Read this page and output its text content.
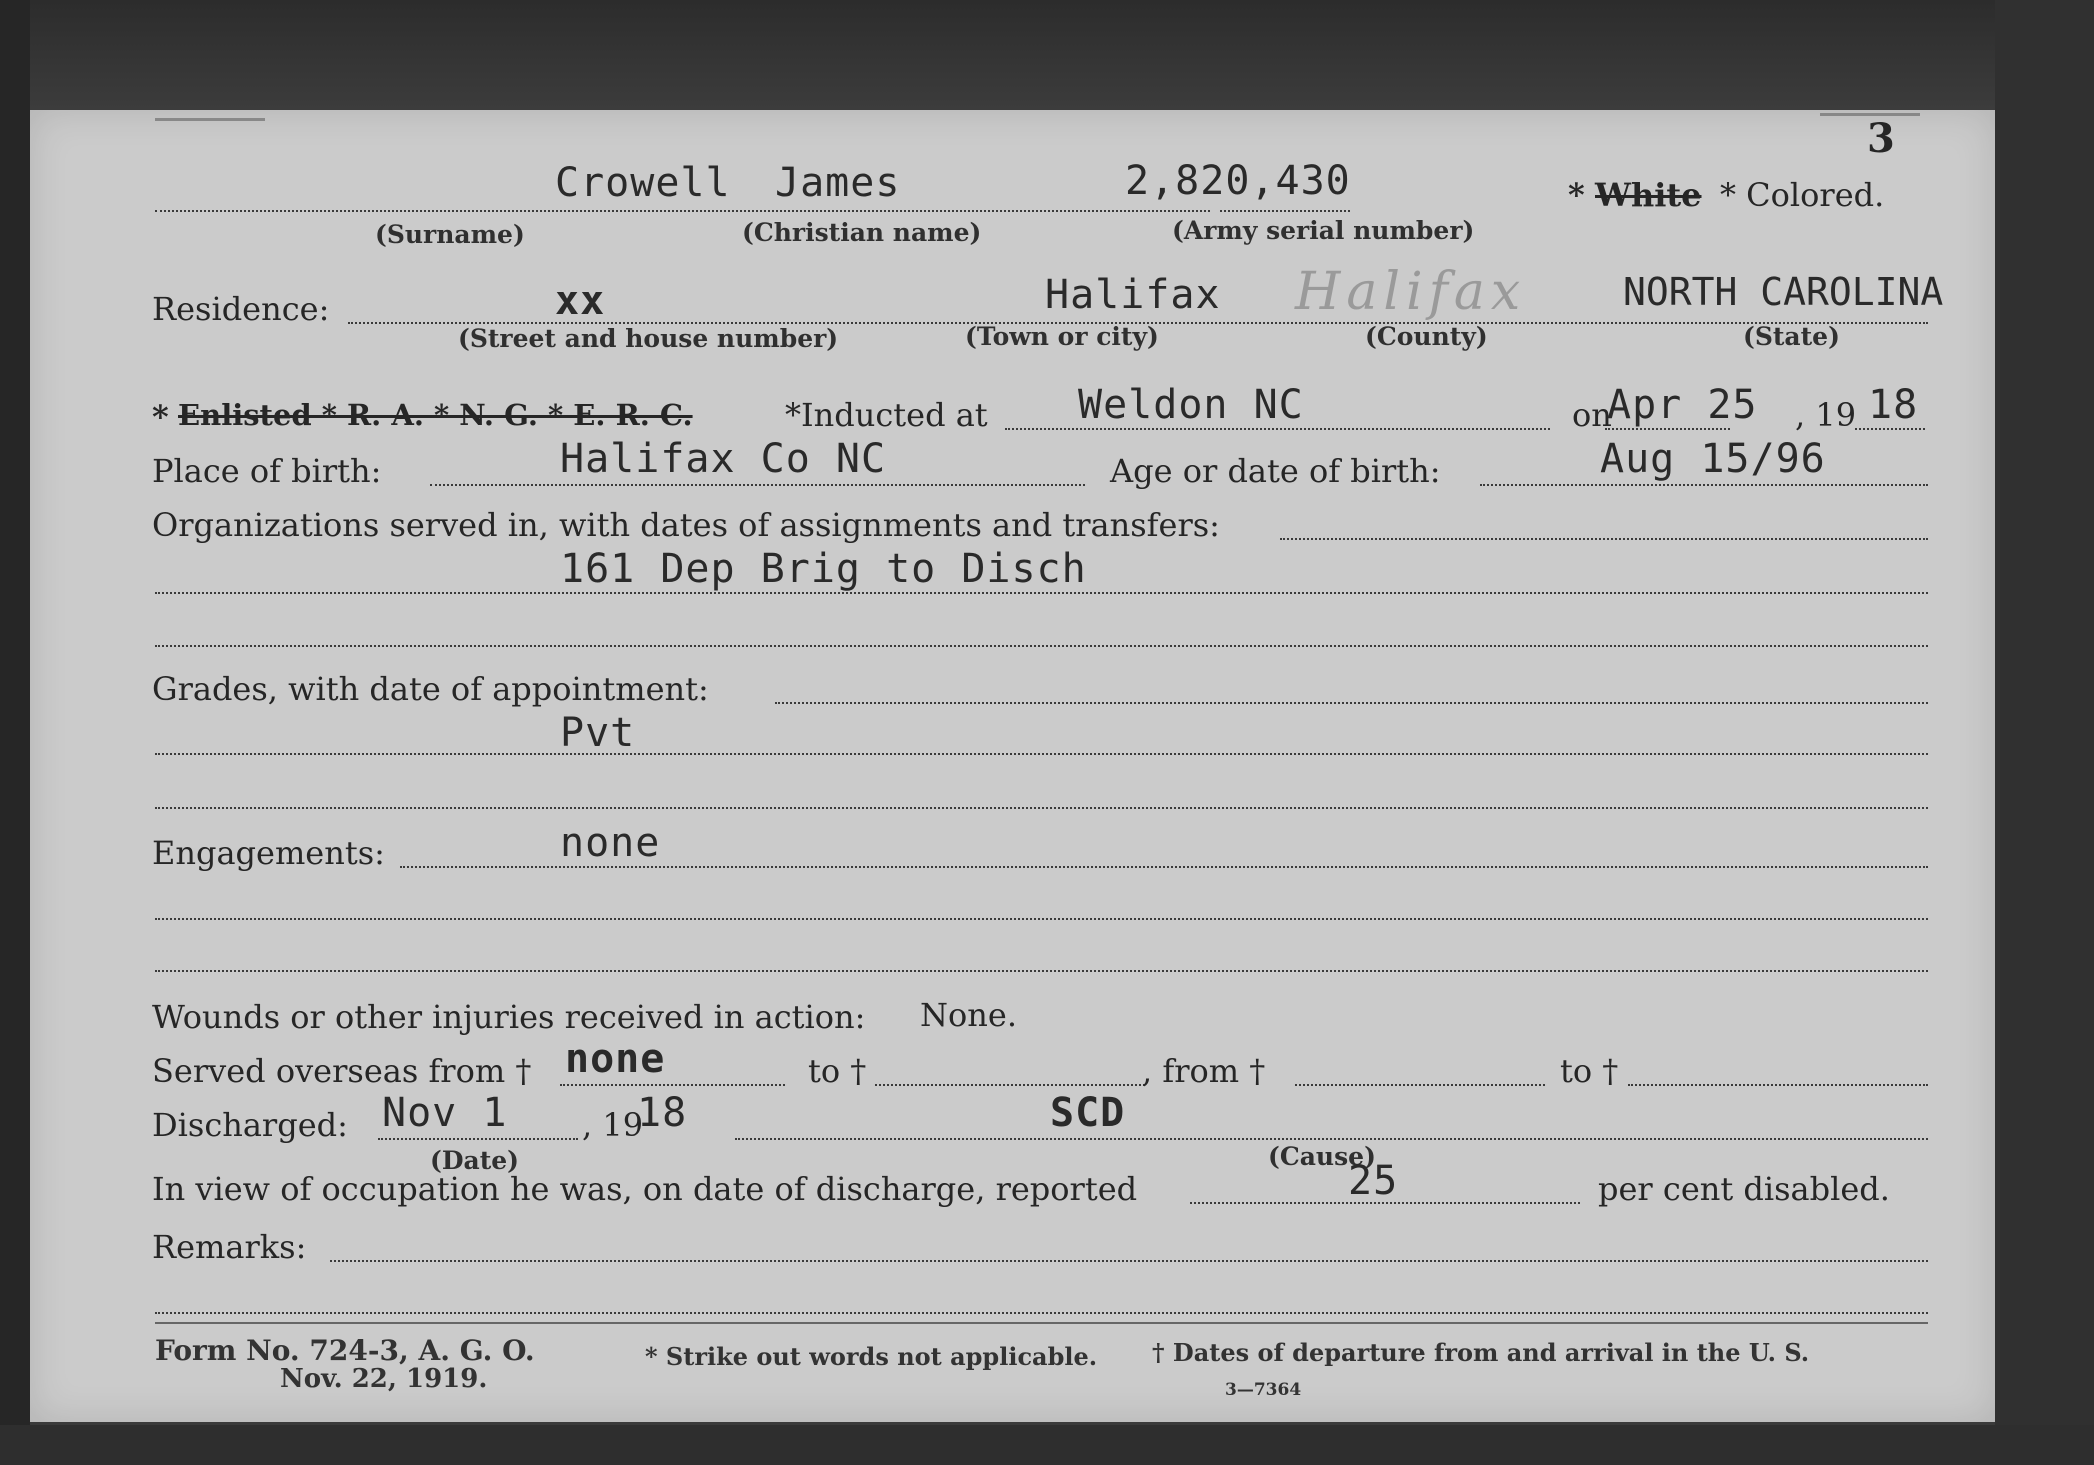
3
Crowell James	2,820,430	* White * Colored.
(Surname)	(Christian name)	(Army serial number)
Residence:	xx	Halifax Halifax	NORTH CAROLINA
(Street and house number)	(Town or city)	(County)	(State)
* Enlisted * R. A. * N. G. * E. R. C.	*Inducted at Weldon NC	on
Apr 25 , 19 18
Place of birth:	Halifax Co NC	Age or date of birth:	Aug 15/96
Organizations served in, with dates of assignments and transfers:
161 Dep Brig to Disch
Grades, with date of appointment:
Pvt
Engagements:	none
Wounds or other injuries received in action: None.
Served overseas from † none	to †	, from †	to †
Discharged: Nov 1 , 19
18	SCD
(Date)	(Cause)
In view of occupation he was, on date of discharge, reported	25	per cent disabled.
Remarks:
Form No. 724-3, A. G. O.
Nov. 22, 1919.
* Strike out words not applicable. † Dates of departure from and arrival in the U. S.
3—7364
